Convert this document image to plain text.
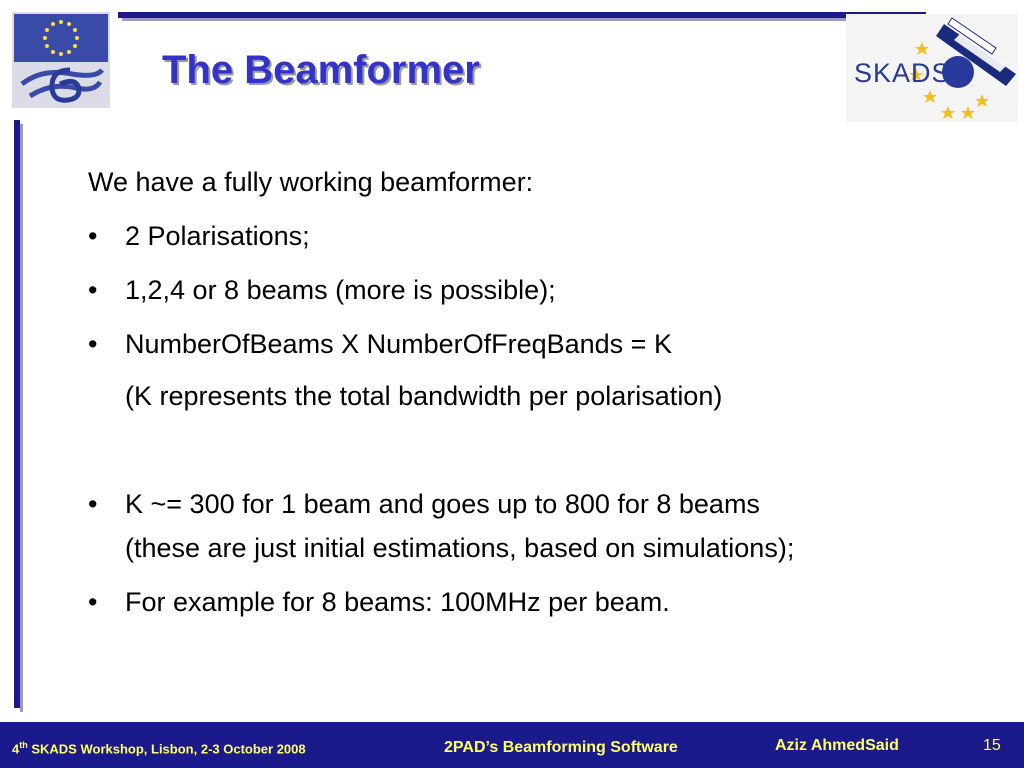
SKADS
The Beamformer
We have a fully working beamformer:
• 2 Polarisations;
• 1,2,4 or 8 beams (more is possible);
• NumberOfBeams X NumberOfFreqBands = K
(K represents the total bandwidth per polarisation)
• K ~= 300 for 1 beam and goes up to 800 for 8 beams
(these are just initial estimations, based on simulations);
• For example for 8 beams: 100MHz per beam.
4th SKADS Workshop, Lisbon, 2-3 October 2008	2PAD’s Beamforming Software	Aziz AhmedSaid	15
